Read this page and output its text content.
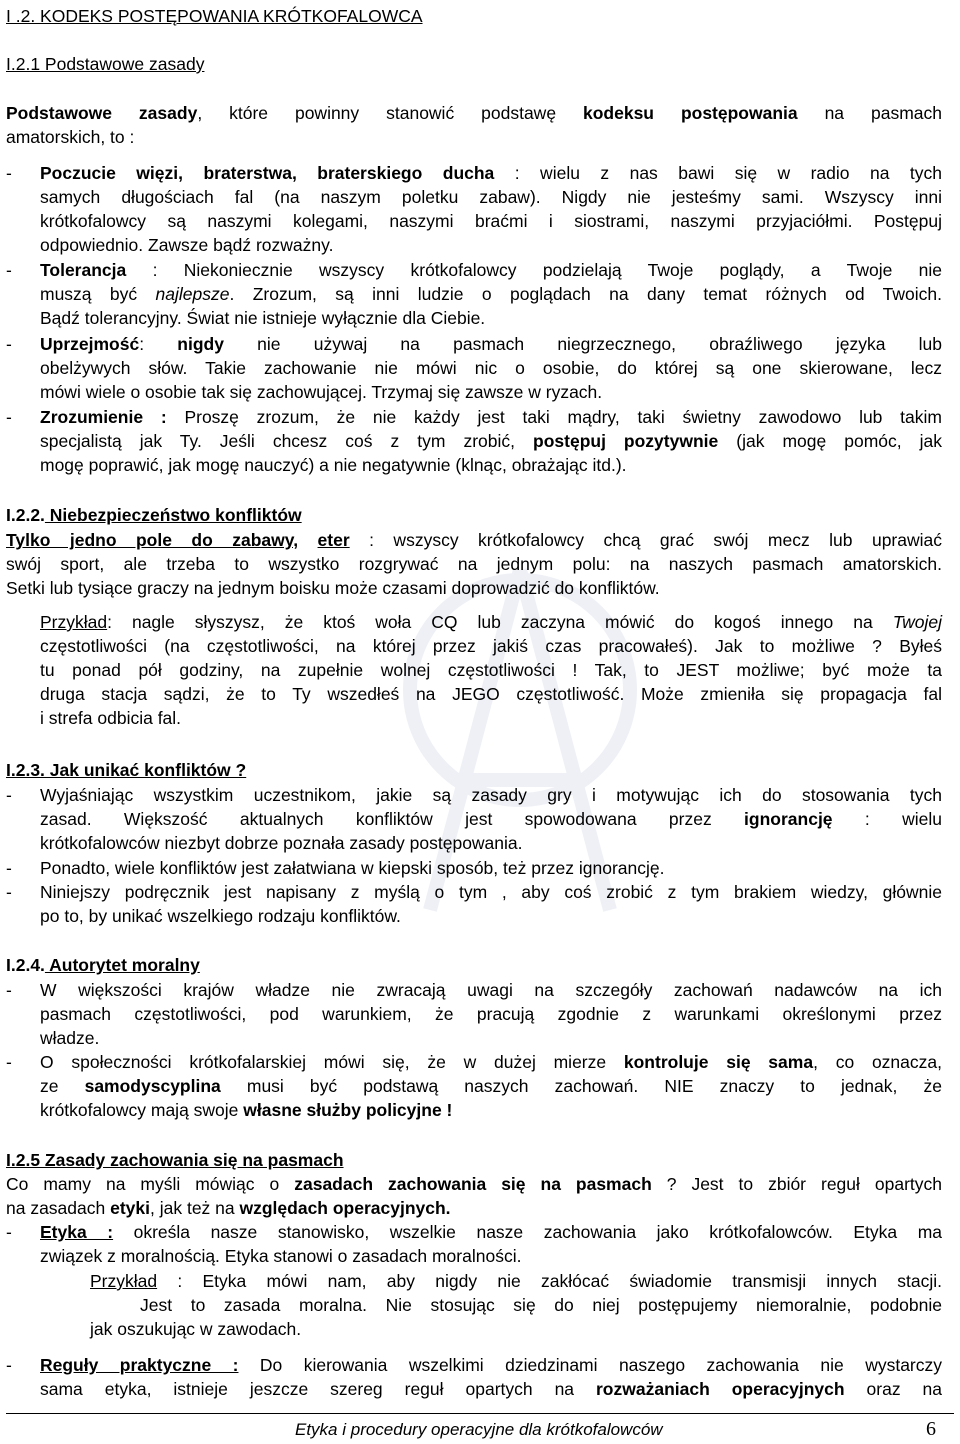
I .2. KODEKS POSTĘPOWANIA KRÓTKOFALOWCA
I.2.1 Podstawowe zasady
Podstawowe zasady, które powinny stanowić podstawę kodeksu postępowania na pasmach
amatorskich, to :
- Poczucie więzi, braterstwa, braterskiego ducha : wielu z nas bawi się w radio na tych
samych długościach fal (na naszym poletku zabaw). Nigdy nie jesteśmy sami. Wszyscy inni
krótkofalowcy są naszymi kolegami, naszymi braćmi i siostrami, naszymi przyjaciółmi. Postępuj
odpowiednio. Zawsze bądź rozważny.
- Tolerancja : Niekoniecznie wszyscy krótkofalowcy podzielają Twoje poglądy, a Twoje nie
muszą być najlepsze. Zrozum, są inni ludzie o poglądach na dany temat różnych od Twoich.
Bądź tolerancyjny. Świat nie istnieje wyłącznie dla Ciebie.
- Uprzejmość: nigdy nie używaj na pasmach niegrzecznego, obraźliwego języka lub
obelżywych słów. Takie zachowanie nie mówi nic o osobie, do której są one skierowane, lecz
mówi wiele o osobie tak się zachowującej. Trzymaj się zawsze w ryzach.
- Zrozumienie : Proszę zrozum, że nie każdy jest taki mądry, taki świetny zawodowo lub takim
specjalistą jak Ty. Jeśli chcesz coś z tym zrobić, postępuj pozytywnie (jak mogę pomóc, jak
mogę poprawić, jak mogę nauczyć) a nie negatywnie (klnąc, obrażając itd.).
I.2.2. Niebezpieczeństwo konfliktów
Tylko jedno pole do zabawy, eter : wszyscy krótkofalowcy chcą grać swój mecz lub uprawiać
swój sport, ale trzeba to wszystko rozgrywać na jednym polu: na naszych pasmach amatorskich.
Setki lub tysiące graczy na jednym boisku może czasami doprowadzić do konfliktów.
Przykład: nagle słyszysz, że ktoś woła CQ lub zaczyna mówić do kogoś innego na Twojej
częstotliwości (na częstotliwości, na której przez jakiś czas pracowałeś). Jak to możliwe ? Byłeś
tu ponad pół godziny, na zupełnie wolnej częstotliwości ! Tak, to JEST możliwe; być może ta
druga stacja sądzi, że to Ty wszedłeś na JEGO częstotliwość. Może zmieniła się propagacja fal
i strefa odbicia fal.
I.2.3. Jak unikać konfliktów ?
- Wyjaśniając wszystkim uczestnikom, jakie są zasady gry i motywując ich do stosowania tych
zasad. Większość aktualnych konfliktów jest spowodowana przez ignorancję : wielu
krótkofalowców niezbyt dobrze poznała zasady postępowania.
- Ponadto, wiele konfliktów jest załatwiana w kiepski sposób, też przez ignorancję.
- Niniejszy podręcznik jest napisany z myślą o tym , aby coś zrobić z tym brakiem wiedzy, głównie
po to, by unikać wszelkiego rodzaju konfliktów.
I.2.4. Autorytet moralny
- W większości krajów władze nie zwracają uwagi na szczegóły zachowań nadawców na ich
pasmach częstotliwości, pod warunkiem, że pracują zgodnie z warunkami określonymi przez
władze.
- O społeczności krótkofalarskiej mówi się, że w dużej mierze kontroluje się sama, co oznacza,
ze samodyscyplina musi być podstawą naszych zachowań. NIE znaczy to jednak, że
krótkofalowcy mają swoje własne służby policyjne !
I.2.5 Zasady zachowania się na pasmach
Co mamy na myśli mówiąc o zasadach zachowania się na pasmach ? Jest to zbiór reguł opartych
na zasadach etyki, jak też na względach operacyjnych.
- Etyka : określa nasze stanowisko, wszelkie nasze zachowania jako krótkofalowców. Etyka ma
związek z moralnością. Etyka stanowi o zasadach moralności.
Przykład : Etyka mówi nam, aby nigdy nie zakłócać świadomie transmisji innych stacji.
Jest to zasada moralna. Nie stosując się do niej postępujemy niemoralnie, podobnie
jak oszukując w zawodach.
- Reguły praktyczne : Do kierowania wszelkimi dziedzinami naszego zachowania nie wystarczy
sama etyka, istnieje jeszcze szereg reguł opartych na rozważaniach operacyjnych oraz na
Etyka i procedury operacyjne dla krótkofalowców	6
